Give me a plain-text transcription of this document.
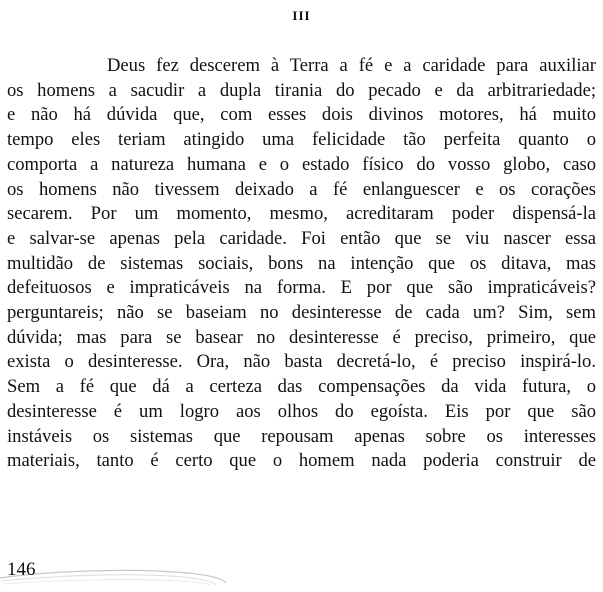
III
Deus fez descerem à Terra a fé e a caridade para auxiliar
os homens a sacudir a dupla tirania do pecado e da arbitrariedade;
e não há dúvida que, com esses dois divinos motores, há muito
tempo eles teriam atingido uma felicidade tão perfeita quanto o
comporta a natureza humana e o estado físico do vosso globo, caso
os homens não tivessem deixado a fé enlanguescer e os corações
secarem. Por um momento, mesmo, acreditaram poder dispensá-la
e salvar-se apenas pela caridade. Foi então que se viu nascer essa
multidão de sistemas sociais, bons na intenção que os ditava, mas
defeituosos e impraticáveis na forma. E por que são impraticáveis?
perguntareis; não se baseiam no desinteresse de cada um? Sim, sem
dúvida; mas para se basear no desinteresse é preciso, primeiro, que
exista o desinteresse. Ora, não basta decretá-lo, é preciso inspirá-lo.
Sem a fé que dá a certeza das compensações da vida futura, o
desinteresse é um logro aos olhos do egoísta. Eis por que são
instáveis os sistemas que repousam apenas sobre os interesses
materiais, tanto é certo que o homem nada poderia construir de
146
